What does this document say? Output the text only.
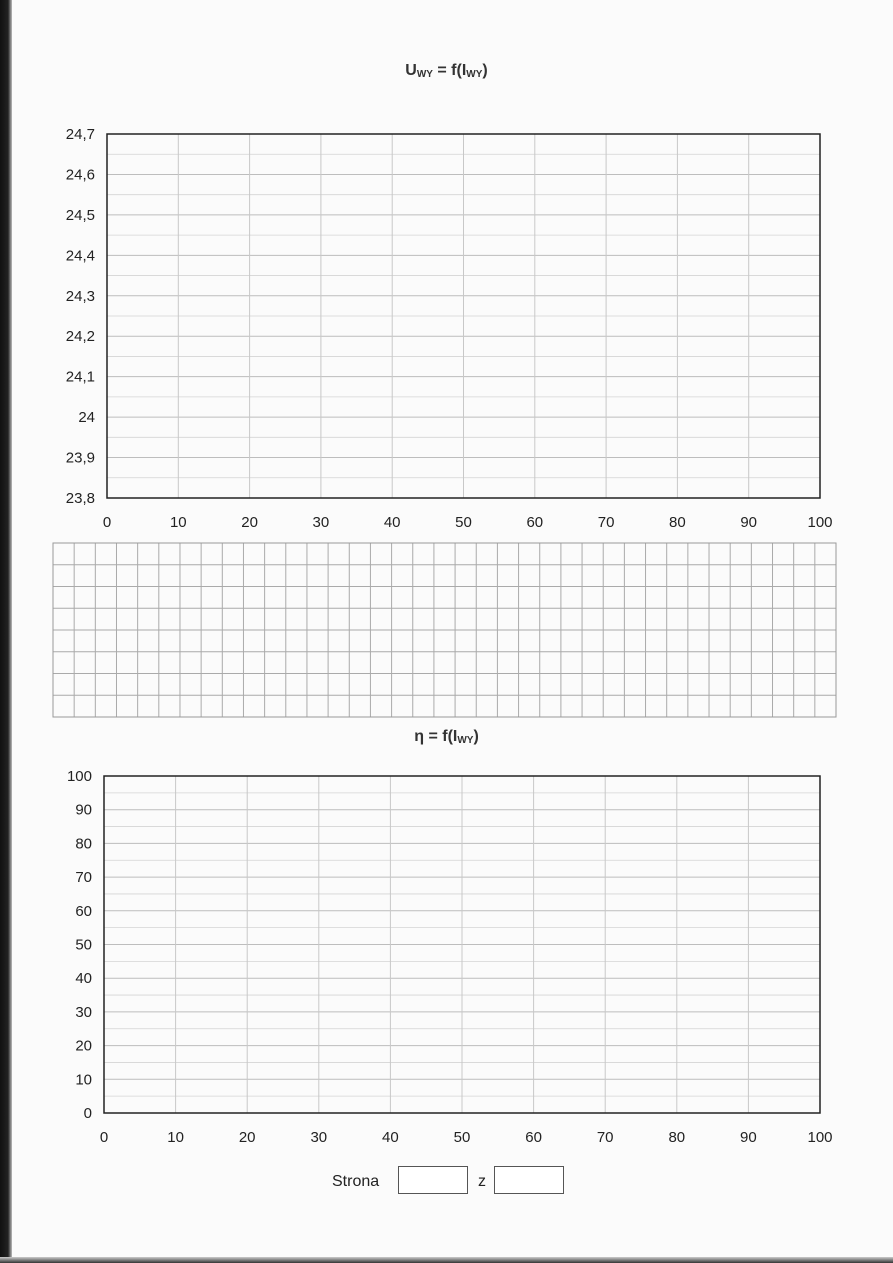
$U_{WY} = f(I_{WY})$
$\eta = f(I_{WY})$
24,7
24,6
24,5
24,4
24,3
24,2
24,1
24
23,9
23,8
0	10	20	30	40	50	60	70	80	90	100
100
90
80
70
60
50
40
30
20
10
0
0	10	20	30	40	50	60	70	80	90	100
Strona	z
